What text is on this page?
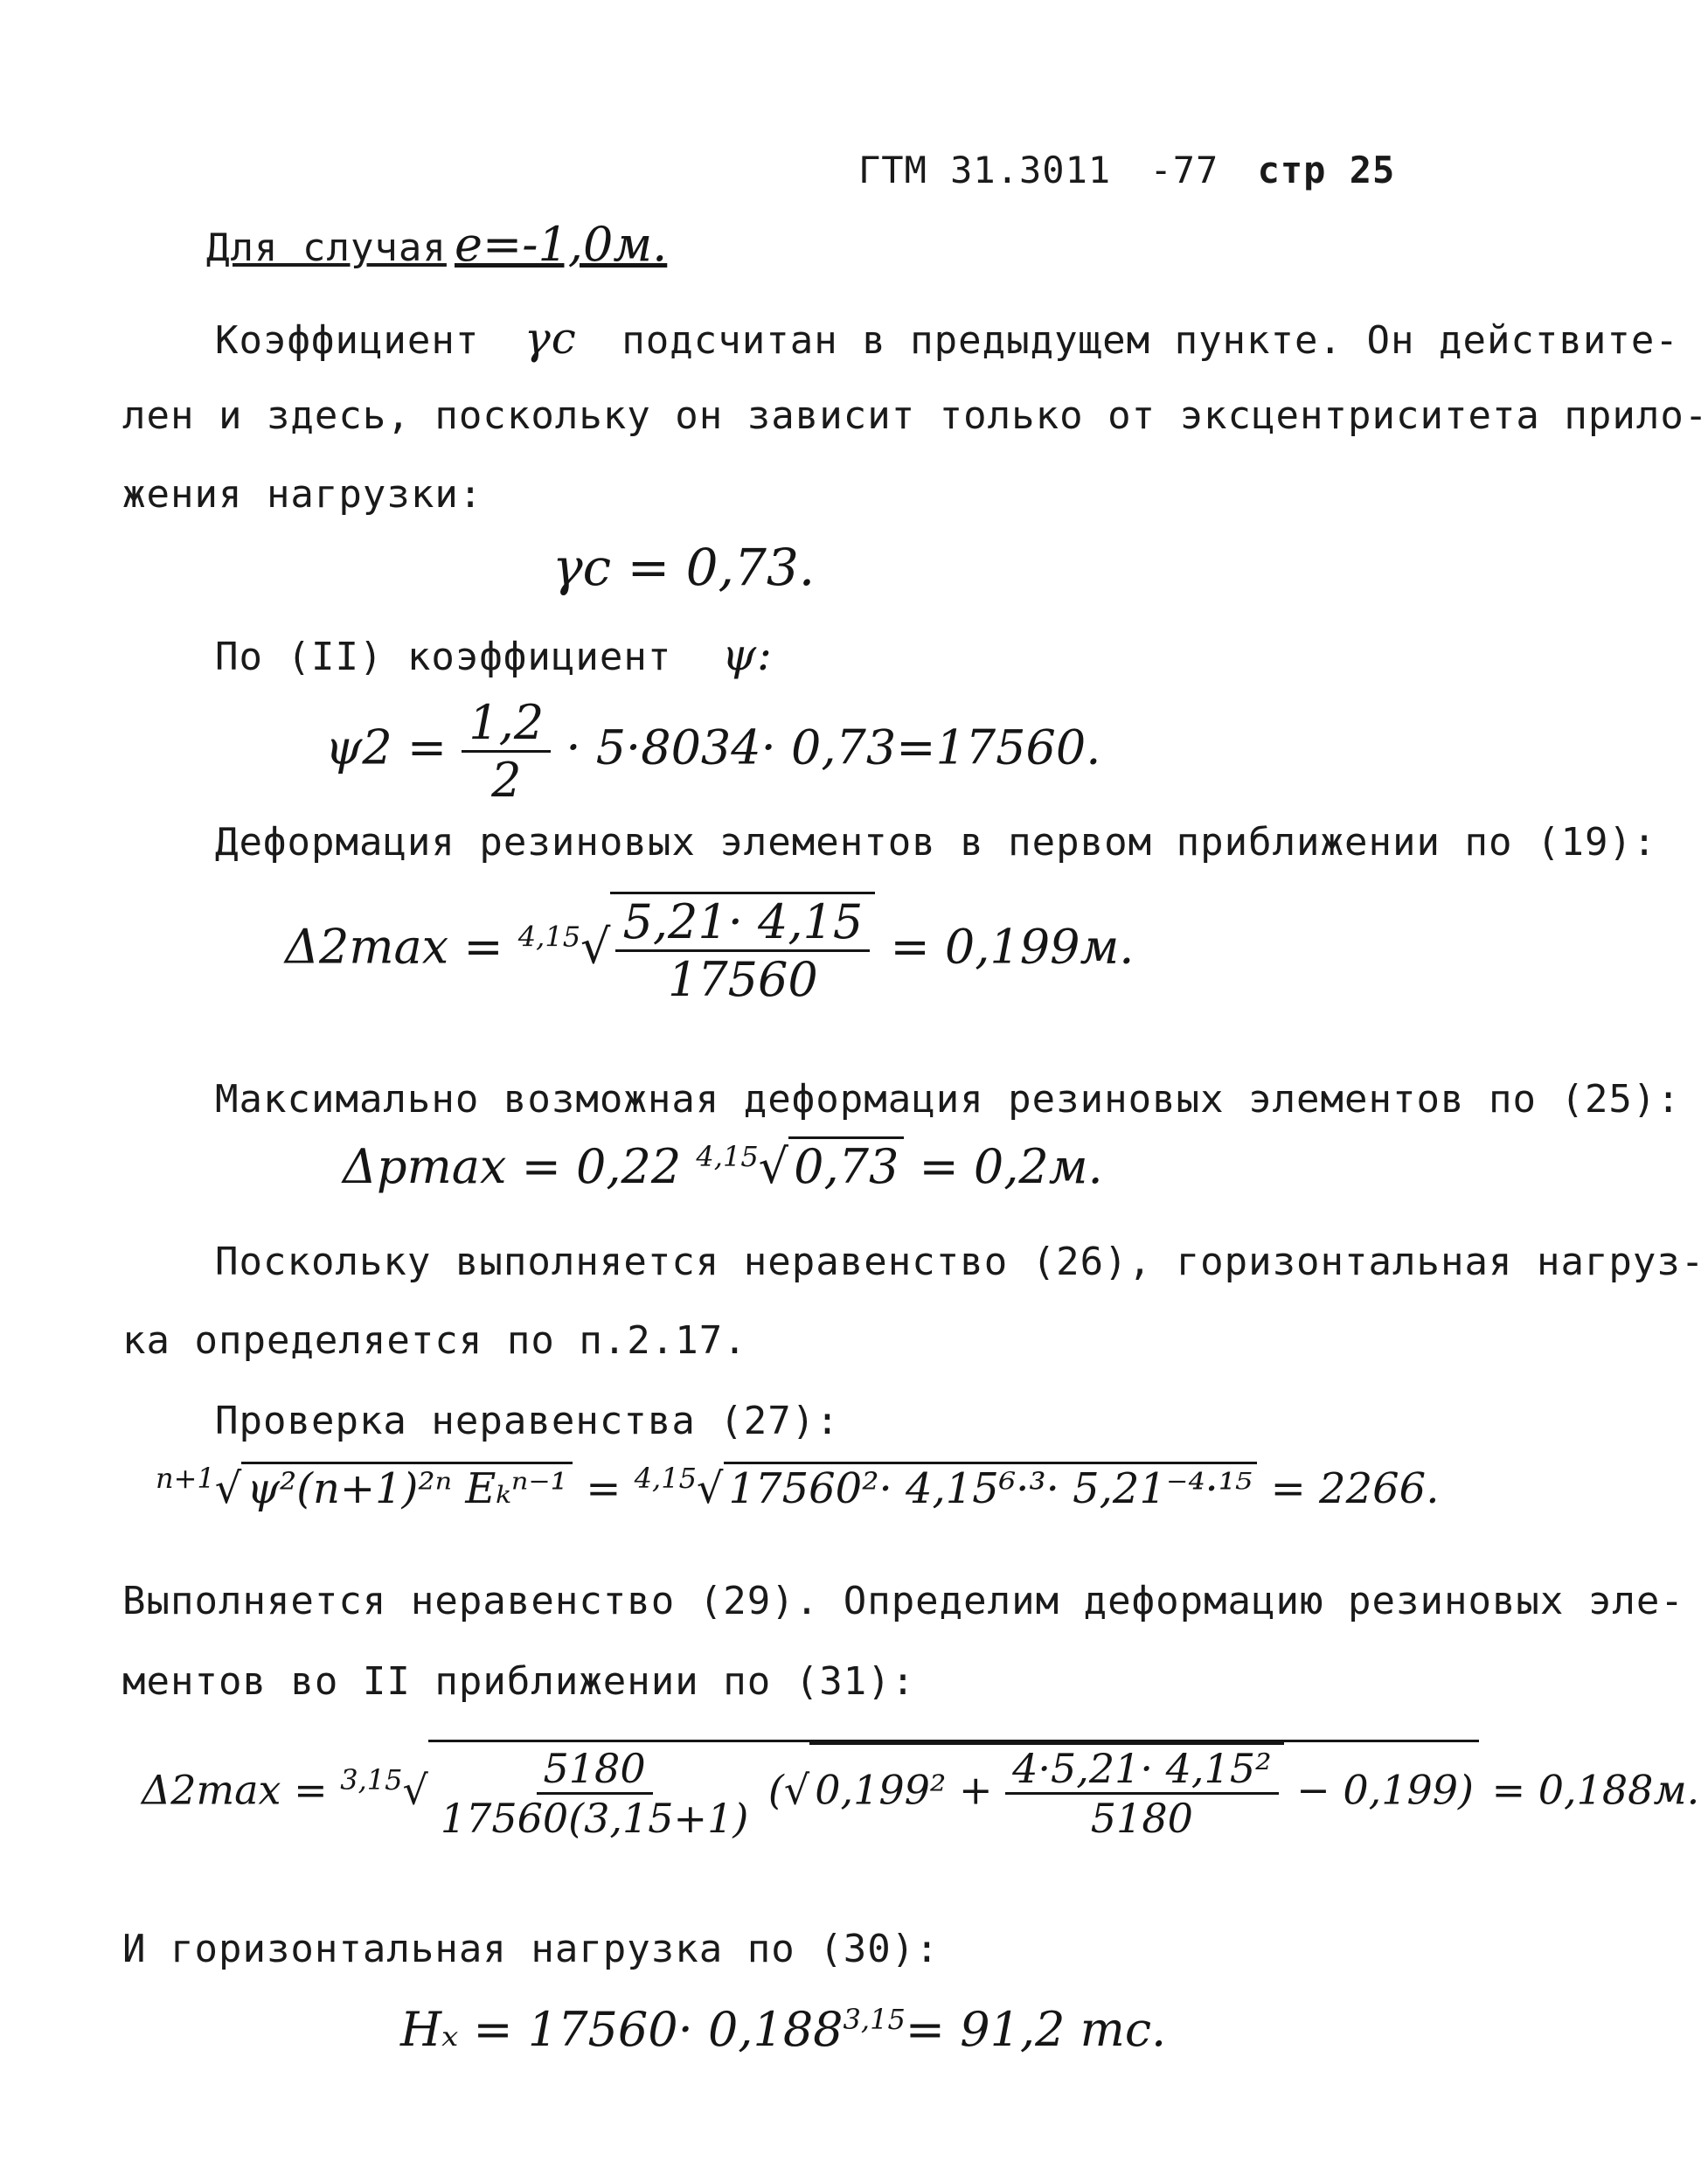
ГТМ 31.3011 -77 стр 25
Для случая e=-1,0м.
Коэффициент γc подсчитан в предыдущем пункте. Он действите-
лен и здесь, поскольку он зависит только от эксцентриситета прило-
жения нагрузки:
γc = 0,73.
По (II) коэффициент ψ:
$\psi 2 = \frac{1,2}{2} \cdot 5\cdot 8034\cdot 0,73=17560$.
Деформация резиновых элементов в первом приближении по (19):
$\Delta 2\max = ^{4,15}√ \frac{5,21\cdot 4,15}{17560} = 0,199м$.
Максимально возможная деформация резиновых элементов по (25):
Δpmax = 0,22 $^{4,15}$√ 0,73 = 0,2м.
Поскольку выполняется неравенство (26), горизонтальная нагруз-
ка определяется по п.2.17.
Проверка неравенства (27):
$^{n+1}$√ ψ²(n+1)²ⁿ Eₖⁿ⁻¹ = $^{4,15}$√ 17560²· 4,15⁶·³· 5,21⁻⁴·¹⁵ = 2266.
Выполняется неравенство (29). Определим деформацию резиновых эле-
ментов во II приближении по (31):
$\Delta 2\max = ^{3,15}√ \frac{5180}{17560(3,15+1)}$ (√ $0,199^2 + \frac{\text{4·5,21· 4,15²}}{5180} - 0,199) = 0,188м$.
И горизонтальная нагрузка по (30):
$H_x = 17560\cdot 0,188^{3,15}= 91,2$ тс.
